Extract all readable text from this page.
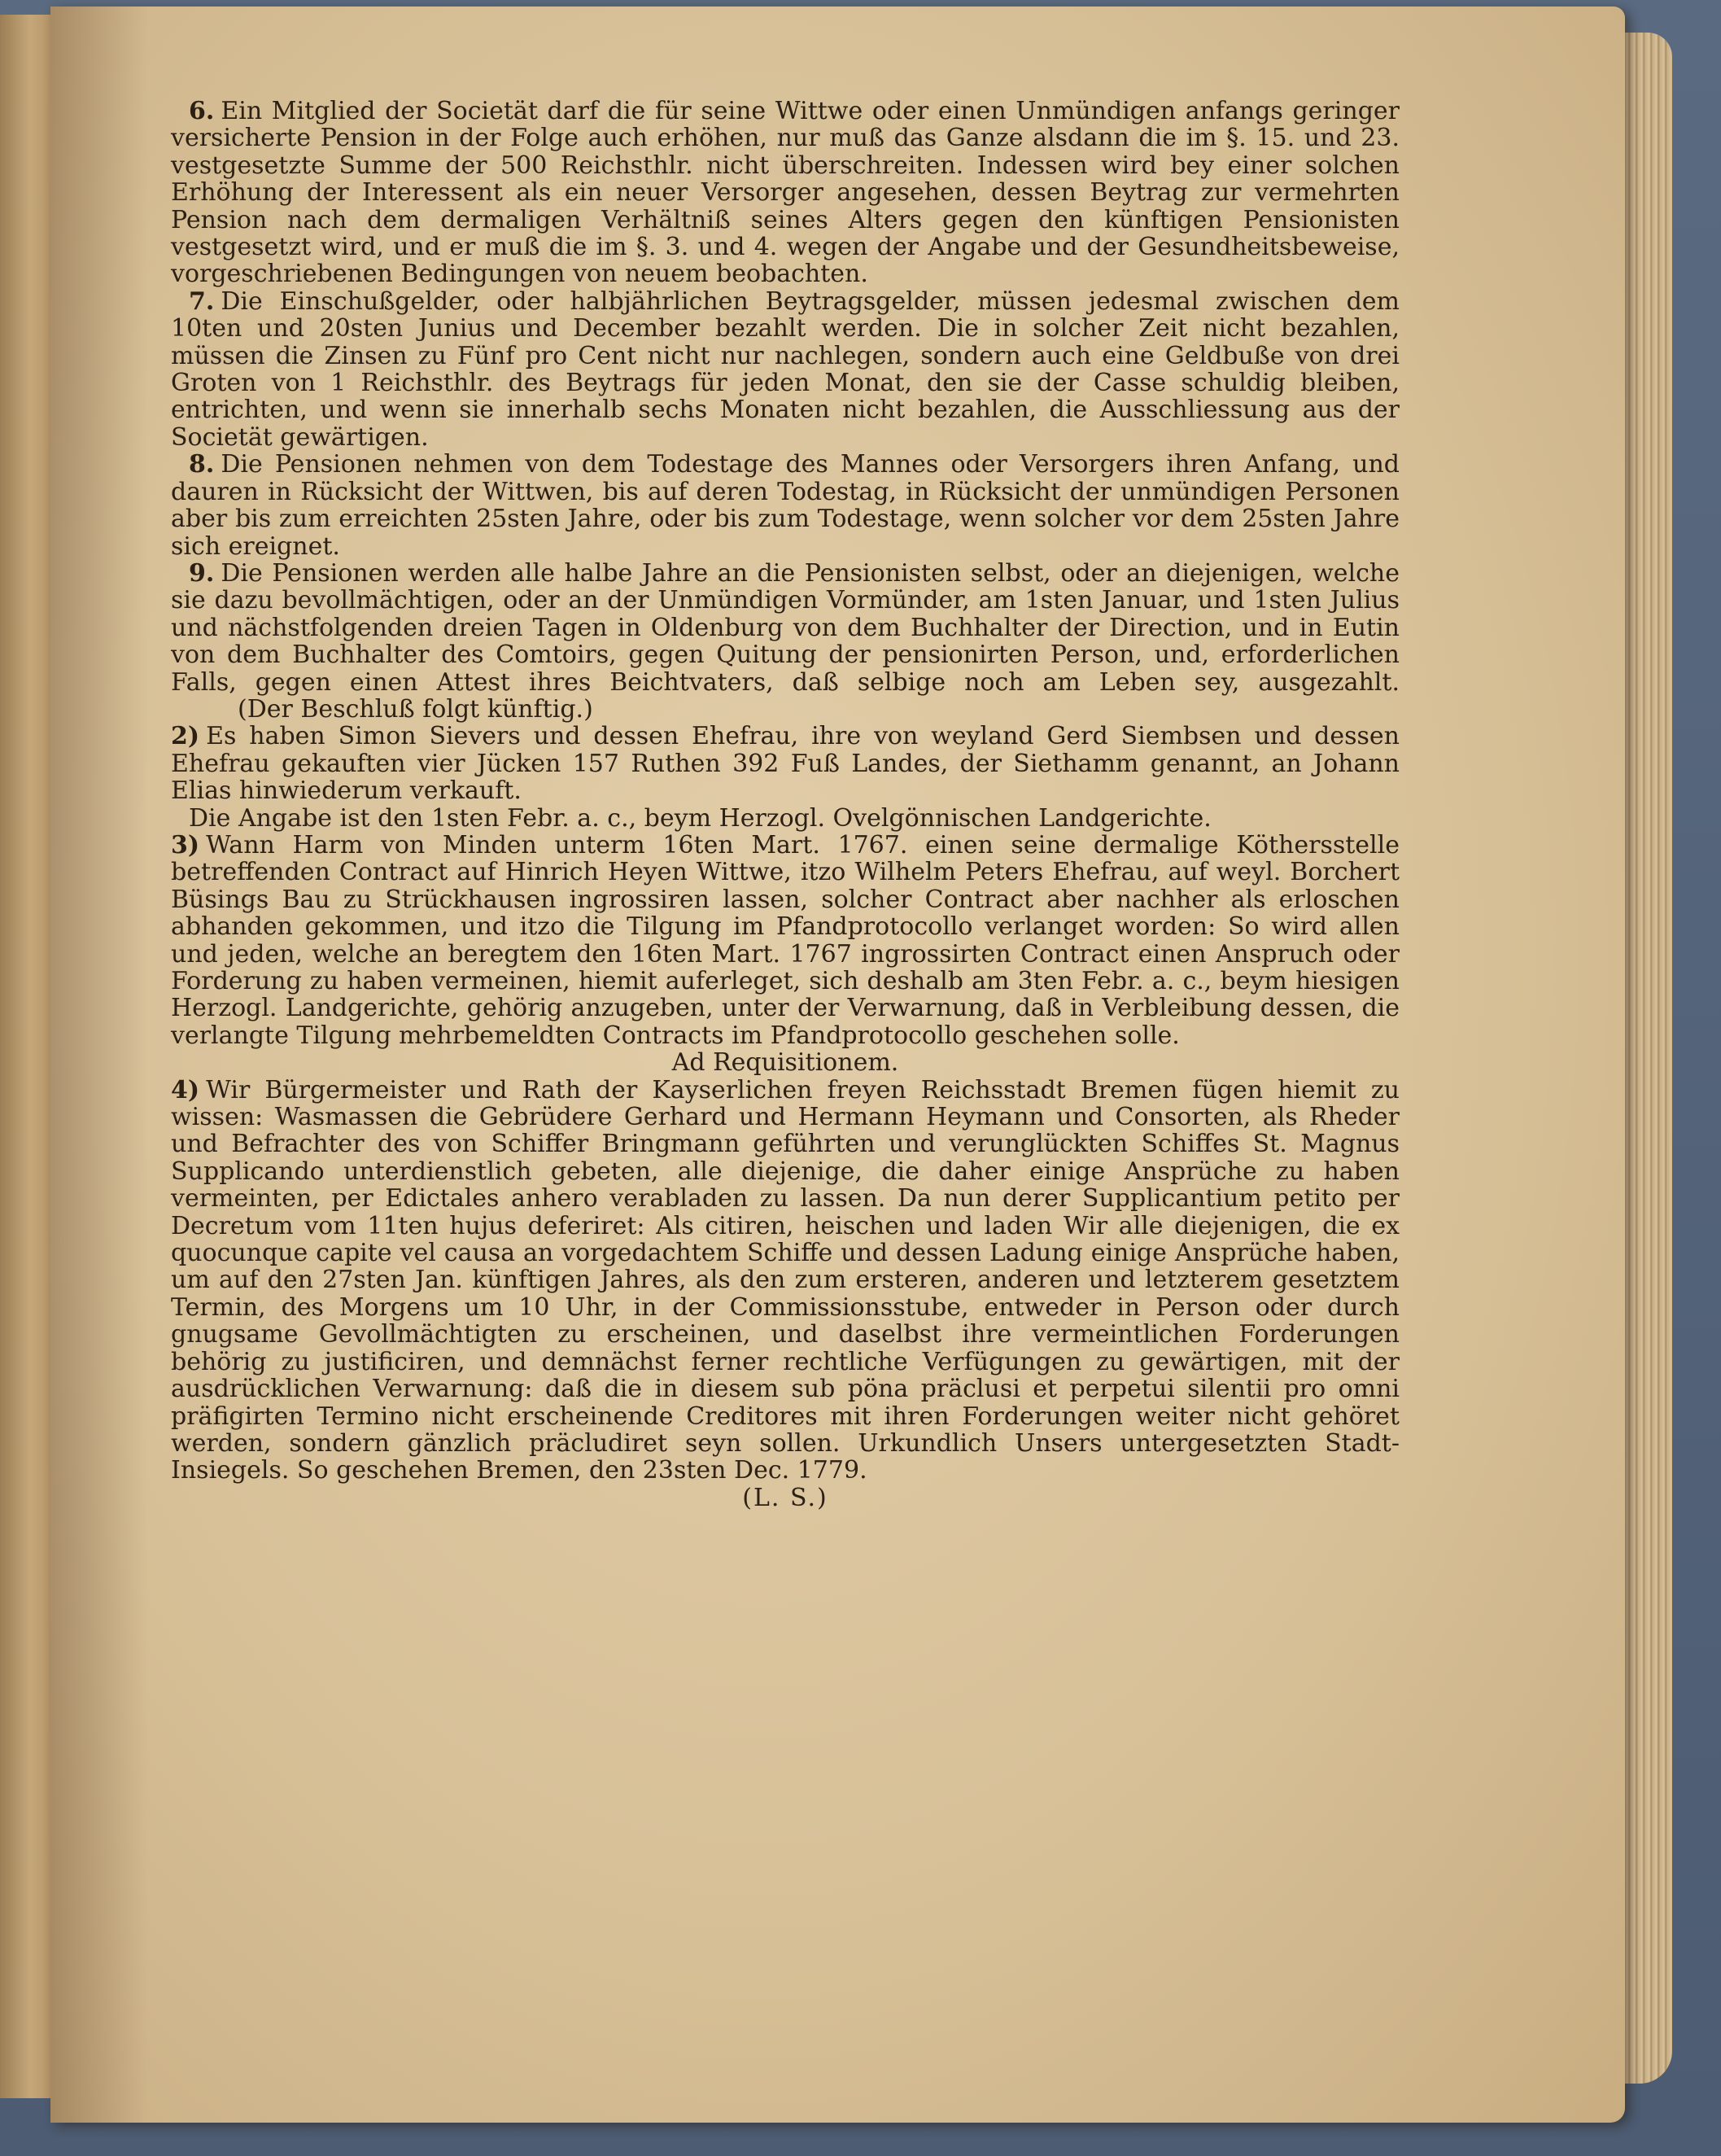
6. Ein Mitglied der Societät darf die für seine Wittwe oder einen Unmündigen anfangs geringer versicherte Pension in der Folge auch erhöhen, nur muß das Ganze alsdann die im §. 15. und 23. vestgesetzte Summe der 500 Reichsthlr. nicht überschreiten. Indessen wird bey einer solchen Erhöhung der Interessent als ein neuer Versorger angesehen, dessen Beytrag zur vermehrten Pension nach dem dermaligen Verhältniß seines Alters gegen den künftigen Pensionisten vestgesetzt wird, und er muß die im §. 3. und 4. wegen der Angabe und der Gesundheitsbeweise, vorgeschriebenen Bedingungen von neuem beobachten.

7. Die Einschußgelder, oder halbjährlichen Beytragsgelder, müssen jedesmal zwischen dem 10ten und 20sten Junius und December bezahlt werden. Die in solcher Zeit nicht bezahlen, müssen die Zinsen zu Fünf pro Cent nicht nur nachlegen, sondern auch eine Geldbuße von drei Groten von 1 Reichsthlr. des Beytrags für jeden Monat, den sie der Casse schuldig bleiben, entrichten, und wenn sie innerhalb sechs Monaten nicht bezahlen, die Ausschliessung aus der Societät gewärtigen.

8. Die Pensionen nehmen von dem Todestage des Mannes oder Versorgers ihren Anfang, und dauren in Rücksicht der Wittwen, bis auf deren Todestag, in Rücksicht der unmündigen Personen aber bis zum erreichten 25sten Jahre, oder bis zum Todestage, wenn solcher vor dem 25sten Jahre sich ereignet.

9. Die Pensionen werden alle halbe Jahre an die Pensionisten selbst, oder an diejenigen, welche sie dazu bevollmächtigen, oder an der Unmündigen Vormünder, am 1sten Januar, und 1sten Julius und nächstfolgenden dreien Tagen in Oldenburg von dem Buchhalter der Direction, und in Eutin von dem Buchhalter des Comtoirs, gegen Quitung der pensionirten Person, und, erforderlichen Falls, gegen einen Attest ihres Beichtvaters, daß selbige noch am Leben sey, ausgezahlt.(Der Beschluß folgt künftig.)

2) Es haben Simon Sievers und dessen Ehefrau, ihre von weyland Gerd Siembsen und dessen Ehefrau gekauften vier Jücken 157 Ruthen 392 Fuß Landes, der Siethamm genannt, an Johann Elias hinwiederum verkauft.

Die Angabe ist den 1sten Febr. a. c., beym Herzogl. Ovelgönnischen Landgerichte.

3) Wann Harm von Minden unterm 16ten Mart. 1767. einen seine dermalige Köthersstelle betreffenden Contract auf Hinrich Heyen Wittwe, itzo Wilhelm Peters Ehefrau, auf weyl. Borchert Büsings Bau zu Strückhausen ingrossiren lassen, solcher Contract aber nachher als erloschen abhanden gekommen, und itzo die Tilgung im Pfandprotocollo verlanget worden: So wird allen und jeden, welche an beregtem den 16ten Mart. 1767 ingrossirten Contract einen Anspruch oder Forderung zu haben vermeinen, hiemit auferleget, sich deshalb am 3ten Febr. a. c., beym hiesigen Herzogl. Landgerichte, gehörig anzugeben, unter der Verwarnung, daß in Verbleibung dessen, die verlangte Tilgung mehrbemeldten Contracts im Pfandprotocollo geschehen solle.

Ad Requisitionem.

4) Wir Bürgermeister und Rath der Kayserlichen freyen Reichsstadt Bremen fügen hiemit zu wissen: Wasmassen die Gebrüdere Gerhard und Hermann Heymann und Consorten, als Rheder und Befrachter des von Schiffer Bringmann geführten und verunglückten Schiffes St. Magnus Supplicando unterdienstlich gebeten, alle diejenige, die daher einige Ansprüche zu haben vermeinten, per Edictales anhero verabladen zu lassen. Da nun derer Supplicantium petito per Decretum vom 11ten hujus deferiret: Als citiren, heischen und laden Wir alle diejenigen, die ex quocunque capite vel causa an vorgedachtem Schiffe und dessen Ladung einige Ansprüche haben, um auf den 27sten Jan. künftigen Jahres, als den zum ersteren, anderen und letzterem gesetztem Termin, des Morgens um 10 Uhr, in der Commissionsstube, entweder in Person oder durch gnugsame Gevollmächtigten zu erscheinen, und daselbst ihre vermeintlichen Forderungen behörig zu justificiren, und demnächst ferner rechtliche Verfügungen zu gewärtigen, mit der ausdrücklichen Verwarnung: daß die in diesem sub pöna präclusi et perpetui silentii pro omni präfigirten Termino nicht erscheinende Creditores mit ihren Forderungen weiter nicht gehöret werden, sondern gänzlich präcludiret seyn sollen. Urkundlich Unsers untergesetzten Stadt-Insiegels. So geschehen Bremen, den 23sten Dec. 1779.

(L. S.)
